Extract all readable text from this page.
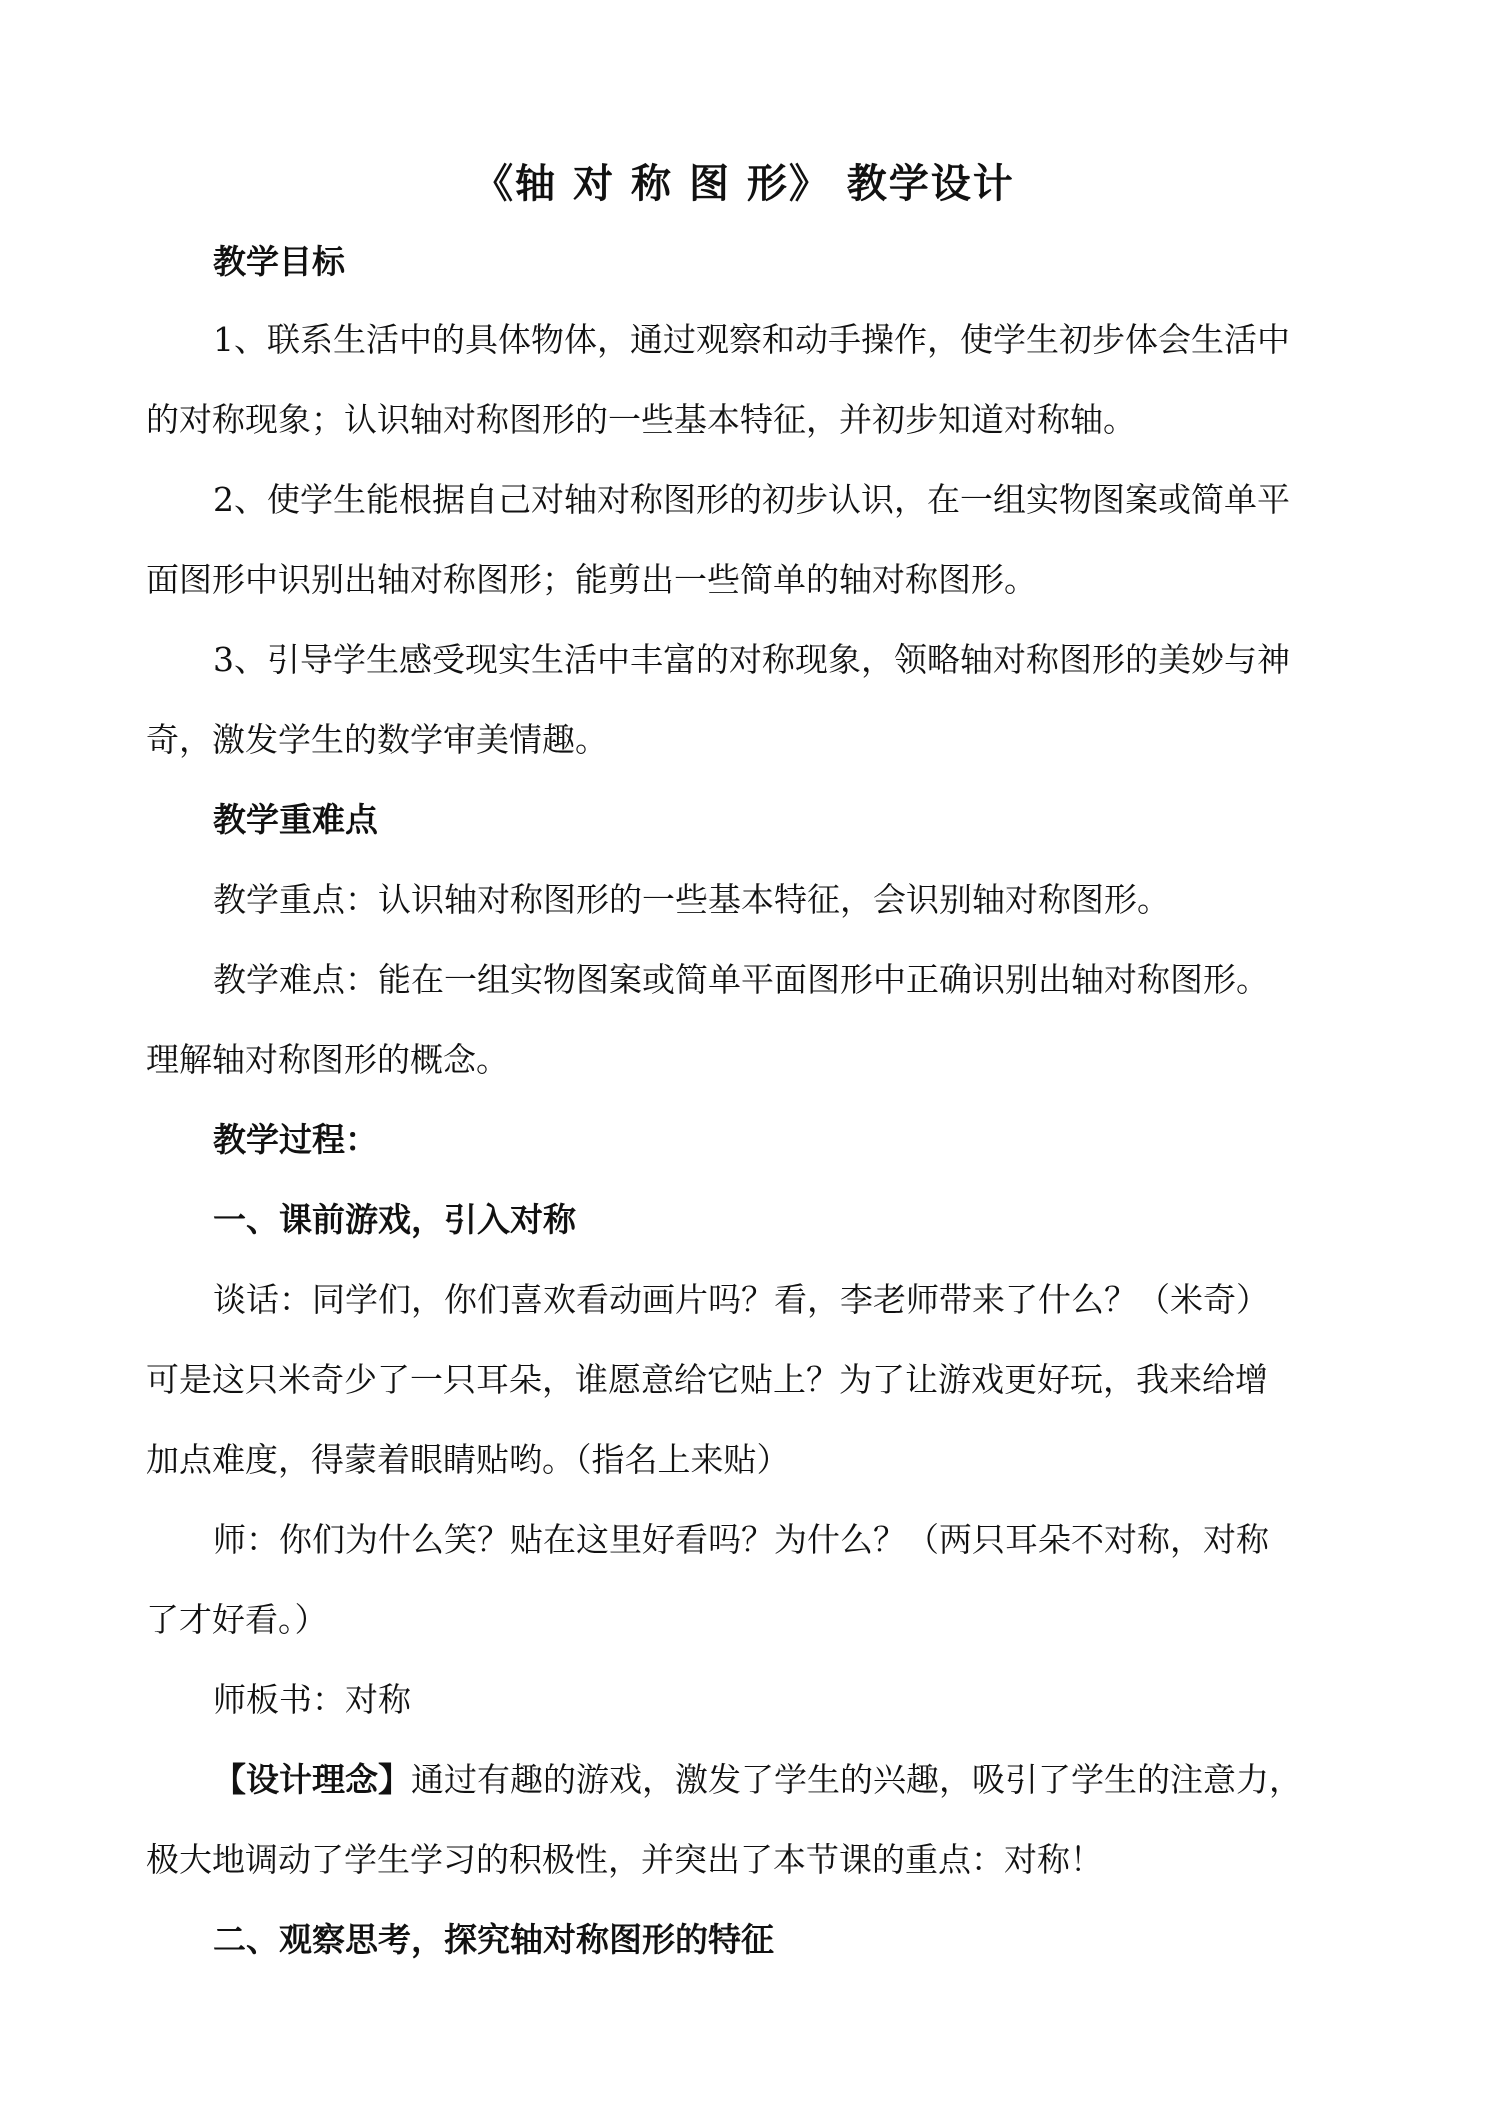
《轴 对 称 图 形》 教学设计
教学目标
1、联系生活中的具体物体，通过观察和动手操作，使学生初步体会生活中
的对称现象；认识轴对称图形的一些基本特征，并初步知道对称轴。
2、使学生能根据自己对轴对称图形的初步认识，在一组实物图案或简单平
面图形中识别出轴对称图形；能剪出一些简单的轴对称图形。
3、引导学生感受现实生活中丰富的对称现象，领略轴对称图形的美妙与神
奇，激发学生的数学审美情趣。
教学重难点
教学重点：认识轴对称图形的一些基本特征，会识别轴对称图形。
教学难点：能在一组实物图案或简单平面图形中正确识别出轴对称图形。
理解轴对称图形的概念。
教学过程：
一、课前游戏，引入对称
谈话：同学们，你们喜欢看动画片吗？看，李老师带来了什么？（米奇）
可是这只米奇少了一只耳朵，谁愿意给它贴上？为了让游戏更好玩，我来给增
加点难度，得蒙着眼睛贴哟。（指名上来贴）
师：你们为什么笑？贴在这里好看吗？为什么？（两只耳朵不对称，对称
了才好看。）
师板书：对称
【设计理念】通过有趣的游戏，激发了学生的兴趣，吸引了学生的注意力，
极大地调动了学生学习的积极性，并突出了本节课的重点：对称！
二、观察思考，探究轴对称图形的特征
